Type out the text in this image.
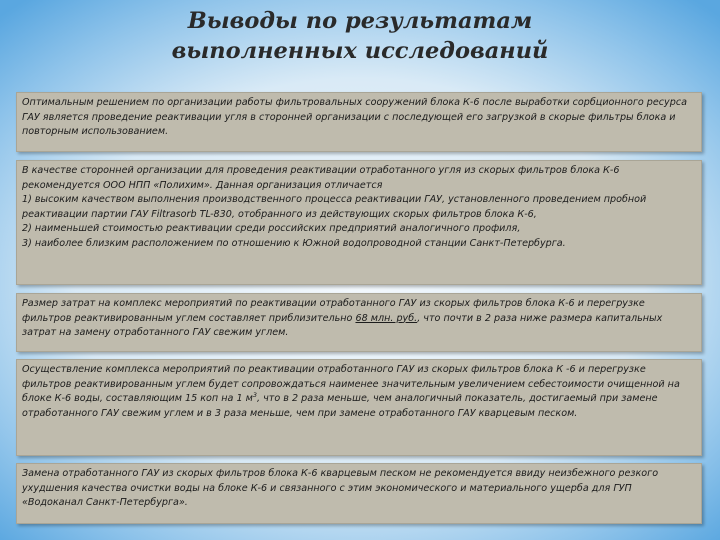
Выводы по результатам
выполненных исследований

Оптимальным решением по организации работы фильтровальных сооружений блока К-6 после выработки сорбционного ресурса ГАУ является проведение реактивации угля в сторонней организации с последующей его загрузкой в скорые фильтры блока и повторным использованием.

В качестве сторонней организации для проведения реактивации отработанного угля из скорых фильтров блока К-6 рекомендуется ООО НПП «Полихим». Данная организация отличается

1) высоким качеством выполнения производственного процесса реактивации ГАУ, установленного проведением пробной реактивации партии ГАУ Filtrasorb TL-830, отобранного из действующих скорых фильтров блока К-6,

2) наименьшей стоимостью реактивации среди российских предприятий аналогичного профиля,

3) наиболее близким расположением по отношению к Южной водопроводной станции Санкт-Петербурга.

Размер затрат на комплекс мероприятий по реактивации отработанного ГАУ из скорых фильтров блока К-6 и перегрузке фильтров реактивированным углем составляет приблизительно 68 млн. руб., что почти в 2 раза ниже размера капитальных затрат на замену отработанного ГАУ свежим углем.

Осуществление комплекса мероприятий по реактивации отработанного ГАУ из скорых фильтров блока К -6 и перегрузке фильтров реактивированным углем будет сопровождаться наименее значительным увеличением себестоимости очищенной на блоке К-6 воды, составляющим 15 коп на 1 $м^3$, что в 2 раза меньше, чем аналогичный показатель, достигаемый при замене отработанного ГАУ свежим углем и в 3 раза меньше, чем при замене отработанного ГАУ кварцевым песком.

Замена отработанного ГАУ из скорых фильтров блока К-6 кварцевым песком не рекомендуется ввиду неизбежного резкого ухудшения качества очистки воды на блоке К-6 и связанного с этим экономического и материального ущерба для ГУП «Водоканал Санкт-Петербурга».
